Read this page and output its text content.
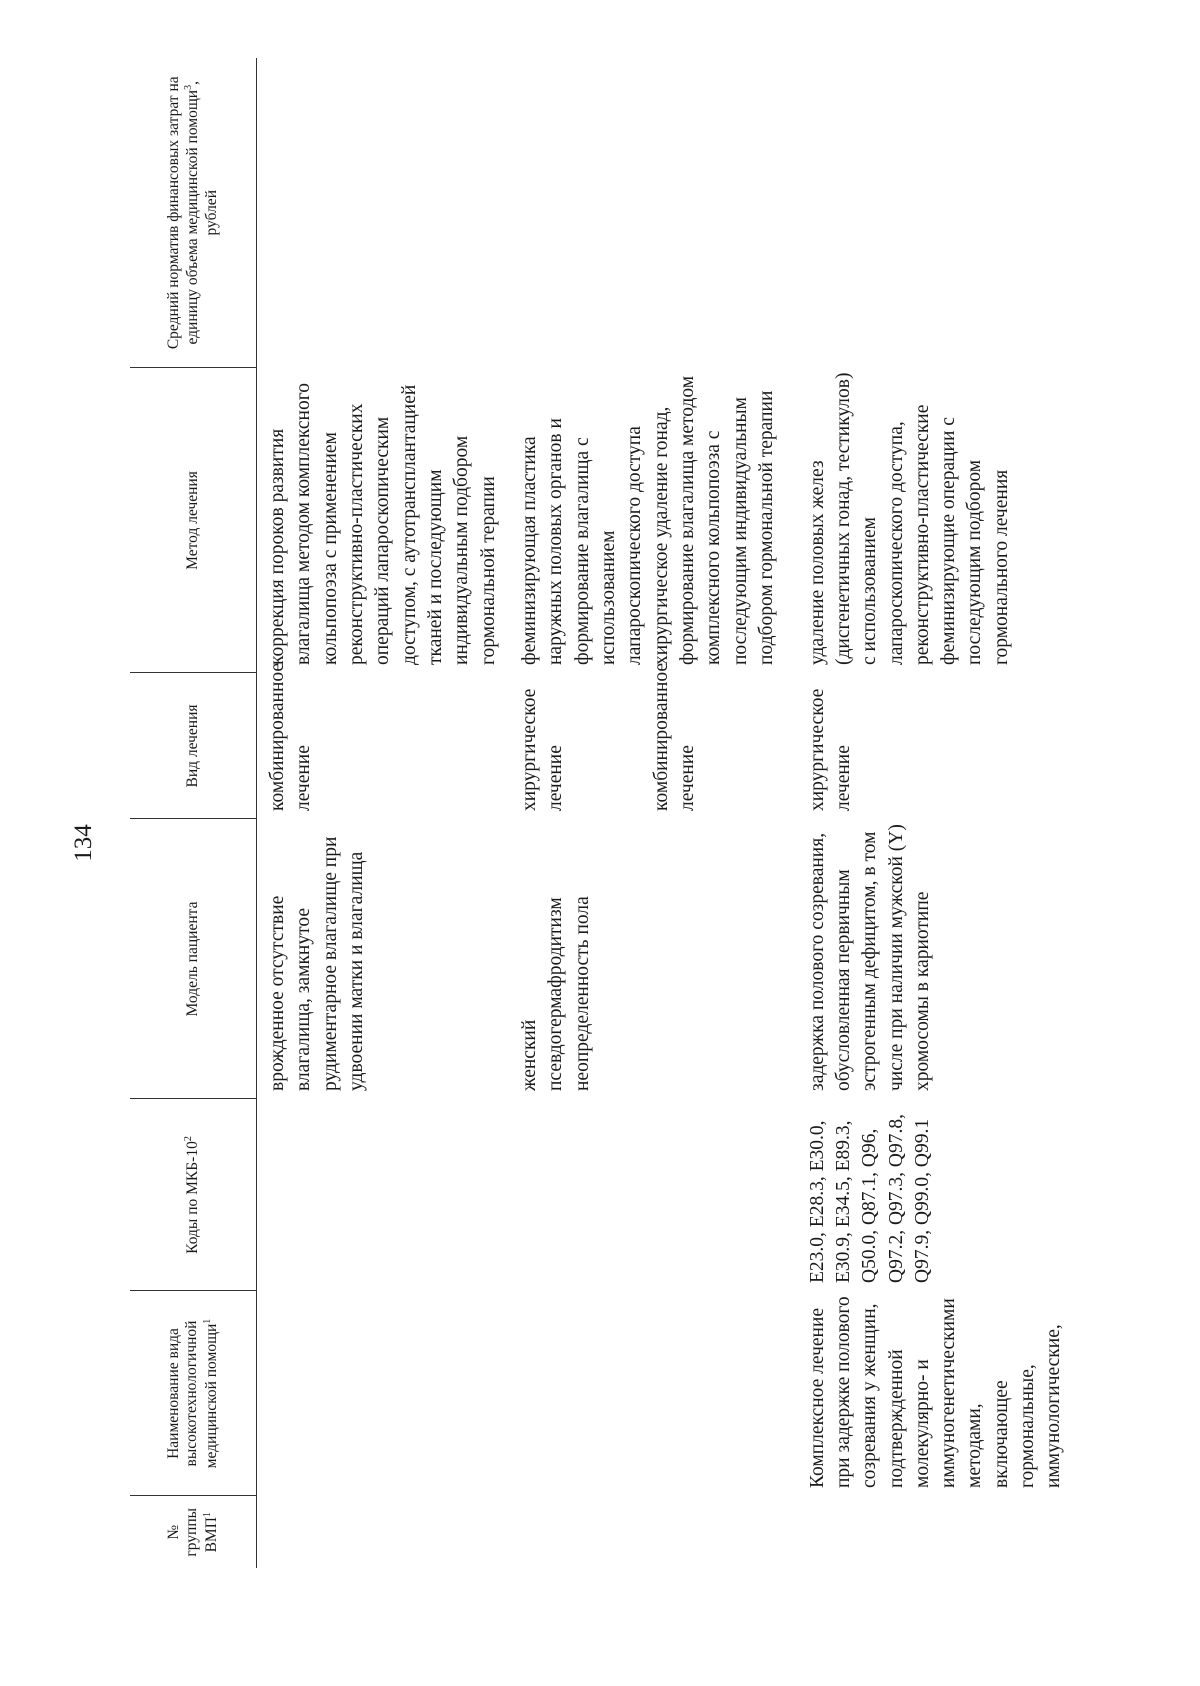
134
№ группы ВМП$^1$	Наименование вида высокотехнологичной медицинской помощи$^1$	Коды по МКБ-$10^2$	Модель пациента	Вид лечения	Метод лечения	Средний норматив финансовых затрат на единицу объема медицинской помощи$^3$, рублей

			врожденное отсутствие влагалища, замкнутое рудиментарное влагалище при удвоении матки и влагалища	комбинированное лечение	коррекция пороков развития влагалища методом комплексного кольпопоэза с применением реконструктивно-пластических операций лапароскопическим доступом, с аутотрансплантацией тканей и последующим индивидуальным подбором гормональной терапии	
			женский псевдогермафродитизм неопределенность пола	хирургическое лечение	феминизирующая пластика наружных половых органов и формирование влагалища с использованием лапароскопического доступа	
				комбинированное лечение	хирургическое удаление гонад, формирование влагалища методом комплексного кольпопоэза с последующим индивидуальным подбором гормональной терапии	
	Комплексное лечение при задержке полового созревания у женщин, подтвержденной молекулярно- и иммуногенетическими методами, включающее гормональные, иммунологические,	E23.0, E28.3, E30.0, E30.9, E34.5, E89.3, Q50.0, Q87.1, Q96, Q97.2, Q97.3, Q97.8, Q97.9, Q99.0, Q99.1	задержка полового созревания, обусловленная первичным эстрогенным дефицитом, в том числе при наличии мужской (Y) хромосомы в кариотипе	хирургическое лечение	удаление половых желез (дисгенетичных гонад, тестикулов) с использованием лапароскопического доступа, реконструктивно-пластические феминизирующие операции с последующим подбором гормонального лечения	
